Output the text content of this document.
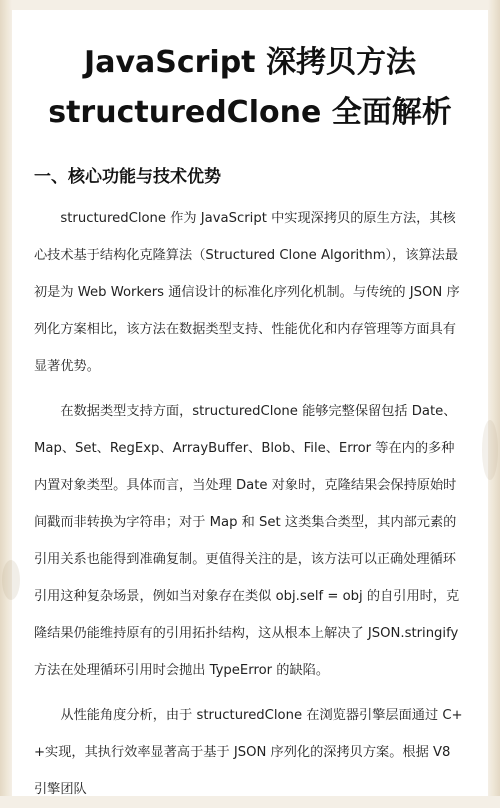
JavaScript 深拷贝方法
structuredClone 全面解析
一、核心功能与技术优势

structuredClone 作为 JavaScript 中实现深拷贝的原生方法，其核心技术基于结构化克隆算法（Structured Clone Algorithm），该算法最初是为 Web Workers 通信设计的标准化序列化机制。与传统的 JSON 序列化方案相比，该方法在数据类型支持、性能优化和内存管理等方面具有显著优势。

在数据类型支持方面，structuredClone 能够完整保留包括 Date、Map、Set、RegExp、ArrayBuffer、Blob、File、Error 等在内的多种内置对象类型。具体而言，当处理 Date 对象时，克隆结果会保持原始时间戳而非转换为字符串；对于 Map 和 Set 这类集合类型，其内部元素的引用关系也能得到准确复制。更值得关注的是，该方法可以正确处理循环引用这种复杂场景，例如当对象存在类似 obj.self = obj 的自引用时，克隆结果仍能维持原有的引用拓扑结构，这从根本上解决了 JSON.stringify 方法在处理循环引用时会抛出 TypeError 的缺陷。

从性能角度分析，由于 structuredClone 在浏览器引擎层面通过 C++实现，其执行效率显著高于基于 JSON 序列化的深拷贝方案。根据 V8 引擎团队
